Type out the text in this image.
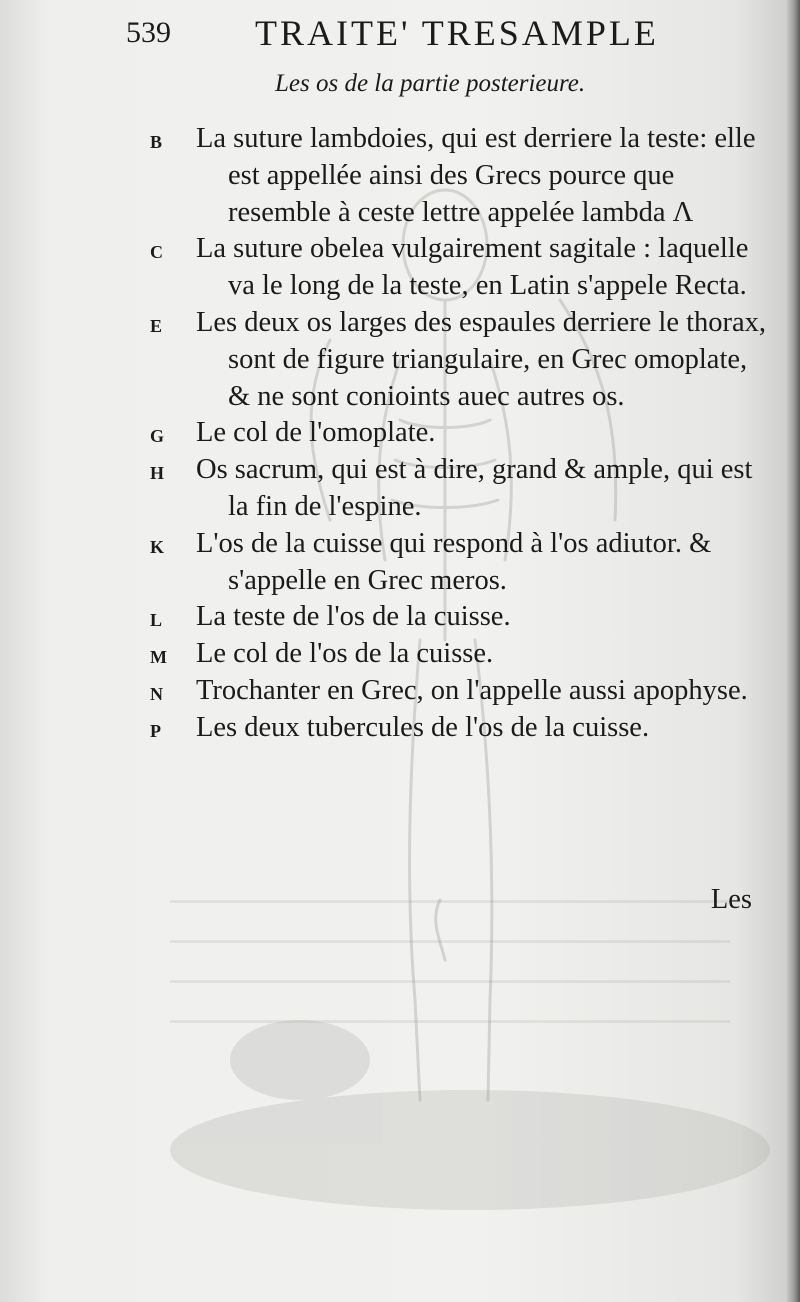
539 TRAITE' TRESAMPLE
Les os de la partie posterieure.
B La suture lambdoies, qui est derriere la teste: elle est appellée ainsi des Grecs pource que resemble à ceste lettre appelée lambda Λ
C La suture obelea vulgairement sagitale : laquelle va le long de la teste, en Latin s'appele Recta.
E Les deux os larges des espaules derriere le thorax, sont de figure triangulaire, en Grec omoplate, & ne sont conioints auec autres os.
G Le col de l'omoplate.
H Os sacrum, qui est à dire, grand & ample, qui est la fin de l'espine.
K L'os de la cuisse qui respond à l'os adiutor. & s'appelle en Grec meros.
L La teste de l'os de la cuisse.
M Le col de l'os de la cuisse.
N Trochanter en Grec, on l'appelle aussi apophyse.
P Les deux tubercules de l'os de la cuisse.
Les
